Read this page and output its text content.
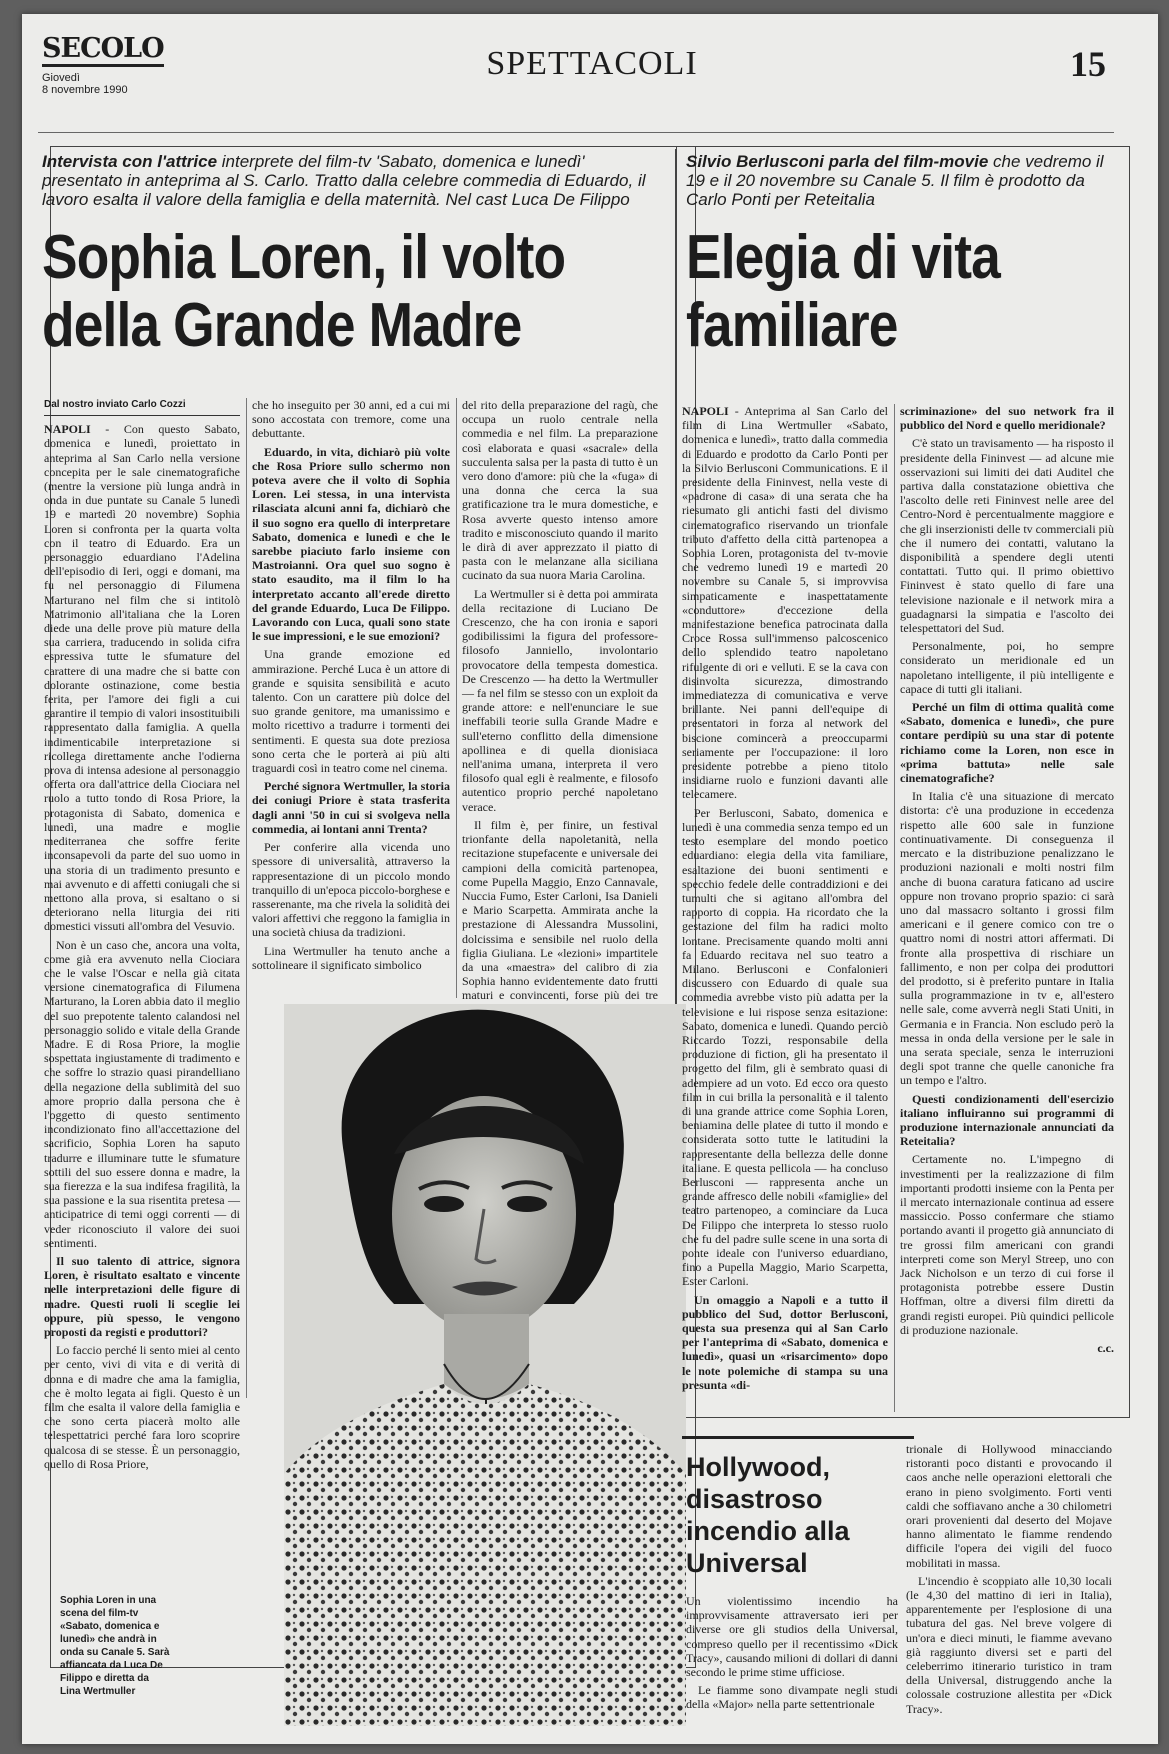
SECOLO
Giovedì
8 novembre 1990
SPETTACOLI	15

Intervista con l'attrice interprete del film-tv 'Sabato, domenica e lunedì' presentato in anteprima al S. Carlo. Tratto dalla celebre commedia di Eduardo, il lavoro esalta il valore della famiglia e della maternità. Nel cast Luca De Filippo

Sophia Loren, il volto
della Grande Madre
Dal nostro inviato Carlo Cozzi

NAPOLI - Con questo Sabato, domenica e lunedì, proiettato in anteprima al San Carlo nella versione concepita per le sale cinematografiche (mentre la versione più lunga andrà in onda in due puntate su Canale 5 lunedì 19 e martedì 20 novembre) Sophia Loren si confronta per la quarta volta con il teatro di Eduardo. Era un personaggio eduardiano l'Adelina dell'episodio di Ieri, oggi e domani, ma fu nel personaggio di Filumena Marturano nel film che si intitolò Matrimonio all'italiana che la Loren diede una delle prove più mature della sua carriera, traducendo in solida cifra espressiva tutte le sfumature del carattere di una madre che si batte con dolorante ostinazione, come bestia ferita, per l'amore dei figli a cui garantire il tempio di valori insostituibili rappresentato dalla famiglia. A quella indimenticabile interpretazione si ricollega direttamente anche l'odierna prova di intensa adesione al personaggio offerta ora dall'attrice della Ciociara nel ruolo a tutto tondo di Rosa Priore, la protagonista di Sabato, domenica e lunedì, una madre e moglie mediterranea che soffre ferite inconsapevoli da parte del suo uomo in una storia di un tradimento presunto e mai avvenuto e di affetti coniugali che si mettono alla prova, si esaltano o si deteriorano nella liturgia dei riti domestici vissuti all'ombra del Vesuvio.

Non è un caso che, ancora una volta, come già era avvenuto nella Ciociara che le valse l'Oscar e nella già citata versione cinematografica di Filumena Marturano, la Loren abbia dato il meglio del suo prepotente talento calandosi nel personaggio solido e vitale della Grande Madre. E di Rosa Priore, la moglie sospettata ingiustamente di tradimento e che soffre lo strazio quasi pirandelliano della negazione della sublimità del suo amore proprio dalla persona che è l'oggetto di questo sentimento incondizionato fino all'accettazione del sacrificio, Sophia Loren ha saputo tradurre e illuminare tutte le sfumature sottili del suo essere donna e madre, la sua fierezza e la sua indifesa fragilità, la sua passione e la sua risentita pretesa — anticipatrice di temi oggi correnti — di veder riconosciuto il valore dei suoi sentimenti.

Il suo talento di attrice, signora Loren, è risultato esaltato e vincente nelle interpretazioni delle figure di madre. Questi ruoli li sceglie lei oppure, più spesso, le vengono proposti da registi e produttori?

Lo faccio perché li sento miei al cento per cento, vivi di vita e di verità di donna e di madre che ama la famiglia, che è molto legata ai figli. Questo è un film che esalta il valore della famiglia e che sono certa piacerà molto alle telespettatrici perché fara loro scoprire qualcosa di se stesse. È un personaggio, quello di Rosa Priore,

che ho inseguito per 30 anni, ed a cui mi sono accostata con tremore, come una debuttante.

Eduardo, in vita, dichiarò più volte che Rosa Priore sullo schermo non poteva avere che il volto di Sophia Loren. Lei stessa, in una intervista rilasciata alcuni anni fa, dichiarò che il suo sogno era quello di interpretare Sabato, domenica e lunedì e che le sarebbe piaciuto farlo insieme con Mastroianni. Ora quel suo sogno è stato esaudito, ma il film lo ha interpretato accanto all'erede diretto del grande Eduardo, Luca De Filippo. Lavorando con Luca, quali sono state le sue impressioni, e le sue emozioni?

Una grande emozione ed ammirazione. Perché Luca è un attore di grande e squisita sensibilità e acuto talento. Con un carattere più dolce del suo grande genitore, ma umanissimo e molto ricettivo a tradurre i tormenti dei sentimenti. E questa sua dote preziosa sono certa che le porterà ai più alti traguardi così in teatro come nel cinema.

Perché signora Wertmuller, la storia dei coniugi Priore è stata trasferita dagli anni '50 in cui si svolgeva nella commedia, ai lontani anni Trenta?

Per conferire alla vicenda uno spessore di universalità, attraverso la rappresentazione di un piccolo mondo tranquillo di un'epoca piccolo-borghese e rasserenante, ma che rivela la solidità dei valori affettivi che reggono la famiglia in una società chiusa da tradizioni.

Lina Wertmuller ha tenuto anche a sottolineare il significato simbolico

del rito della preparazione del ragù, che occupa un ruolo centrale nella commedia e nel film. La preparazione così elaborata e quasi «sacrale» della succulenta salsa per la pasta di tutto è un vero dono d'amore: più che la «fuga» di una donna che cerca la sua gratificazione tra le mura domestiche, e Rosa avverte questo intenso amore tradito e misconosciuto quando il marito le dirà di aver apprezzato il piatto di pasta con le melanzane alla siciliana cucinato da sua nuora Maria Carolina.

La Wertmuller si è detta poi ammirata della recitazione di Luciano De Crescenzo, che ha con ironia e sapori godibilissimi la figura del professore-filosofo Janniello, involontario provocatore della tempesta domestica. De Crescenzo — ha detto la Wertmuller — fa nel film se stesso con un exploit da grande attore: e nell'enunciare le sue ineffabili teorie sulla Grande Madre e sull'eterno conflitto della dimensione apollinea e di quella dionisiaca nell'anima umana, interpreta il vero filosofo qual egli è realmente, e filosofo autentico proprio perché napoletano verace.

Il film è, per finire, un festival trionfante della napoletanità, nella recitazione stupefacente e universale dei campioni della comicità partenopea, come Pupella Maggio, Enzo Cannavale, Nuccia Fumo, Ester Carloni, Isa Danieli e Mario Scarpetta. Ammirata anche la prestazione di Alessandra Mussolini, dolcissima e sensibile nel ruolo della figlia Giuliana. Le «lezioni» impartitele da una «maestra» del calibro di zia Sophia hanno evidentemente dato frutti maturi e convincenti, forse più dei tre

Sophia Loren in una scena del film-tv «Sabato, domenica e lunedì» che andrà in onda su Canale 5. Sarà affiancata da Luca De Filippo e diretta da Lina Wertmuller

Silvio Berlusconi parla del film-movie che vedremo il 19 e il 20 novembre su Canale 5. Il film è prodotto da Carlo Ponti per Reteitalia

Elegia di vita
familiare

NAPOLI - Anteprima al San Carlo del film di Lina Wertmuller «Sabato, domenica e lunedì», tratto dalla commedia di Eduardo e prodotto da Carlo Ponti per la Silvio Berlusconi Communications. E il presidente della Fininvest, nella veste di «padrone di casa» di una serata che ha riesumato gli antichi fasti del divismo cinematografico riservando un trionfale tributo d'affetto della città partenopea a Sophia Loren, protagonista del tv-movie che vedremo lunedì 19 e martedì 20 novembre su Canale 5, si improvvisa simpaticamente e inaspettatamente «conduttore» d'eccezione della manifestazione benefica patrocinata dalla Croce Rossa sull'immenso palcoscenico dello splendido teatro napoletano rifulgente di ori e velluti. E se la cava con disinvolta sicurezza, dimostrando immediatezza di comunicativa e verve brillante. Nei panni dell'equipe di presentatori in forza al network del biscione comincerà a preoccuparmi seriamente per l'occupazione: il loro presidente potrebbe a pieno titolo insidiarne ruolo e funzioni davanti alle telecamere.

Per Berlusconi, Sabato, domenica e lunedì è una commedia senza tempo ed un testo esemplare del mondo poetico eduardiano: elegia della vita familiare, esaltazione dei buoni sentimenti e specchio fedele delle contraddizioni e dei tumulti che si agitano all'ombra del rapporto di coppia. Ha ricordato che la gestazione del film ha radici molto lontane. Precisamente quando molti anni fa Eduardo recitava nel suo teatro a Milano. Berlusconi e Confalonieri discussero con Eduardo di quale sua commedia avrebbe visto più adatta per la televisione e lui rispose senza esitazione: Sabato, domenica e lunedì. Quando perciò Riccardo Tozzi, responsabile della produzione di fiction, gli ha presentato il progetto del film, gli è sembrato quasi di adempiere ad un voto. Ed ecco ora questo film in cui brilla la personalità e il talento di una grande attrice come Sophia Loren, beniamina delle platee di tutto il mondo e considerata sotto tutte le latitudini la rappresentante della bellezza delle donne italiane. E questa pellicola — ha concluso Berlusconi — rappresenta anche un grande affresco delle nobili «famiglie» del teatro partenopeo, a cominciare da Luca De Filippo che interpreta lo stesso ruolo che fu del padre sulle scene in una sorta di ponte ideale con l'universo eduardiano, fino a Pupella Maggio, Mario Scarpetta, Ester Carloni.

Un omaggio a Napoli e a tutto il pubblico del Sud, dottor Berlusconi, questa sua presenza qui al San Carlo per l'anteprima di «Sabato, domenica e lunedì», quasi un «risarcimento» dopo le note polemiche di stampa su una presunta «di-

scriminazione» del suo network fra il pubblico del Nord e quello meridionale?

C'è stato un travisamento — ha risposto il presidente della Fininvest — ad alcune mie osservazioni sui limiti dei dati Auditel che partiva dalla constatazione obiettiva che l'ascolto delle reti Fininvest nelle aree del Centro-Nord è percentualmente maggiore e che gli inserzionisti delle tv commerciali più che il numero dei contatti, valutano la disponibilità a spendere degli utenti contattati. Tutto qui. Il primo obiettivo Fininvest è stato quello di fare una televisione nazionale e il network mira a guadagnarsi la simpatia e l'ascolto dei telespettatori del Sud.

Personalmente, poi, ho sempre considerato un meridionale ed un napoletano intelligente, il più intelligente e capace di tutti gli italiani.

Perché un film di ottima qualità come «Sabato, domenica e lunedì», che pure contare perdipiù su una star di potente richiamo come la Loren, non esce in «prima battuta» nelle sale cinematografiche?

In Italia c'è una situazione di mercato distorta: c'è una produzione in eccedenza rispetto alle 600 sale in funzione continuativamente. Di conseguenza il mercato e la distribuzione penalizzano le produzioni nazionali e molti nostri film anche di buona caratura faticano ad uscire oppure non trovano proprio spazio: ci sarà uno dal massacro soltanto i grossi film americani e il genere comico con tre o quattro nomi di nostri attori affermati. Di fronte alla prospettiva di rischiare un fallimento, e non per colpa dei produttori del prodotto, si è preferito puntare in Italia sulla programmazione in tv e, all'estero nelle sale, come avverrà negli Stati Uniti, in Germania e in Francia. Non escludo però la messa in onda della versione per le sale in una serata speciale, senza le interruzioni degli spot tranne che quelle canoniche fra un tempo e l'altro.

Questi condizionamenti dell'esercizio italiano influiranno sui programmi di produzione internazionale annunciati da Reteitalia?

Certamente no. L'impegno di investimenti per la realizzazione di film importanti prodotti insieme con la Penta per il mercato internazionale continua ad essere massiccio. Posso confermare che stiamo portando avanti il progetto già annunciato di tre grossi film americani con grandi interpreti come son Meryl Streep, uno con Jack Nicholson e un terzo di cui forse il protagonista potrebbe essere Dustin Hoffman, oltre a diversi film diretti da grandi registi europei. Più quindici pellicole di produzione nazionale.

c.c.

Hollywood, disastroso incendio alla Universal

Un violentissimo incendio ha improvvisamente attraversato ieri per diverse ore gli studios della Universal, compreso quello per il recentissimo «Dick Tracy», causando milioni di dollari di danni secondo le prime stime ufficiose.

Le fiamme sono divampate negli studi della «Major» nella parte settentrionale

trionale di Hollywood minacciando ristoranti poco distanti e provocando il caos anche nelle operazioni elettorali che erano in pieno svolgimento. Forti venti caldi che soffiavano anche a 30 chilometri orari provenienti dal deserto del Mojave hanno alimentato le fiamme rendendo difficile l'opera dei vigili del fuoco mobilitati in massa.

L'incendio è scoppiato alle 10,30 locali (le 4,30 del mattino di ieri in Italia), apparentemente per l'esplosione di una tubatura del gas. Nel breve volgere di un'ora e dieci minuti, le fiamme avevano già raggiunto diversi set e parti del celeberrimo itinerario turistico in tram della Universal, distruggendo anche la colossale costruzione allestita per «Dick Tracy».
